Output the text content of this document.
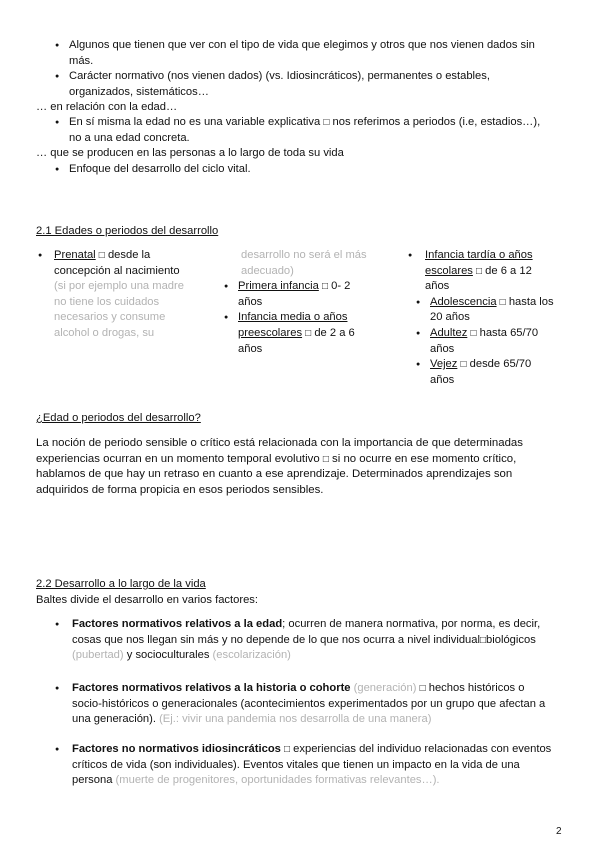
● Algunos que tienen que ver con el tipo de vida que elegimos y otros que nos vienen dados sin más.
● Carácter normativo (nos vienen dados) (vs. Idiosincráticos), permanentes o estables, organizados, sistemáticos…
… en relación con la edad…
● En sí misma la edad no es una variable explicativa □ nos referimos a periodos (i.e, estadios…), no a una edad concreta.
… que se producen en las personas a lo largo de toda su vida
● Enfoque del desarrollo del ciclo vital.
2.1 Edades o periodos del desarrollo
● Prenatal □ desde la concepción al nacimiento (si por ejemplo una madre no tiene los cuidados necesarios y consume alcohol o drogas, su
desarrollo no será el más adecuado)
● Primera infancia □ 0- 2 años
● Infancia media o años preescolares □ de 2 a 6 años
● Infancia tardía o años escolares □ de 6 a 12 años
● Adolescencia □ hasta los 20 años
● Adultez □ hasta 65/70 años
● Vejez □ desde 65/70 años
¿Edad o periodos del desarrollo?

La noción de periodo sensible o crítico está relacionada con la importancia de que determinadas experiencias ocurran en un momento temporal evolutivo □ si no ocurre en ese momento crítico, hablamos de que hay un retraso en cuanto a ese aprendizaje. Determinados aprendizajes son adquiridos de forma propicia en esos periodos sensibles.

2.2 Desarrollo a lo largo de la vida
Baltes divide el desarrollo en varios factores:
● Factores normativos relativos a la edad; ocurren de manera normativa, por norma, es decir, cosas que nos llegan sin más y no depende de lo que nos ocurra a nivel individual□biológicos (pubertad) y socioculturales (escolarización)
● Factores normativos relativos a la historia o cohorte (generación) □ hechos históricos o socio-históricos o generacionales (acontecimientos experimentados por un grupo que afectan a una generación). (Ej.: vivir una pandemia nos desarrolla de una manera)
● Factores no normativos idiosincráticos □ experiencias del individuo relacionadas con eventos críticos de vida (son individuales). Eventos vitales que tienen un impacto en la vida de una persona (muerte de progenitores, oportunidades formativas relevantes…).
2
